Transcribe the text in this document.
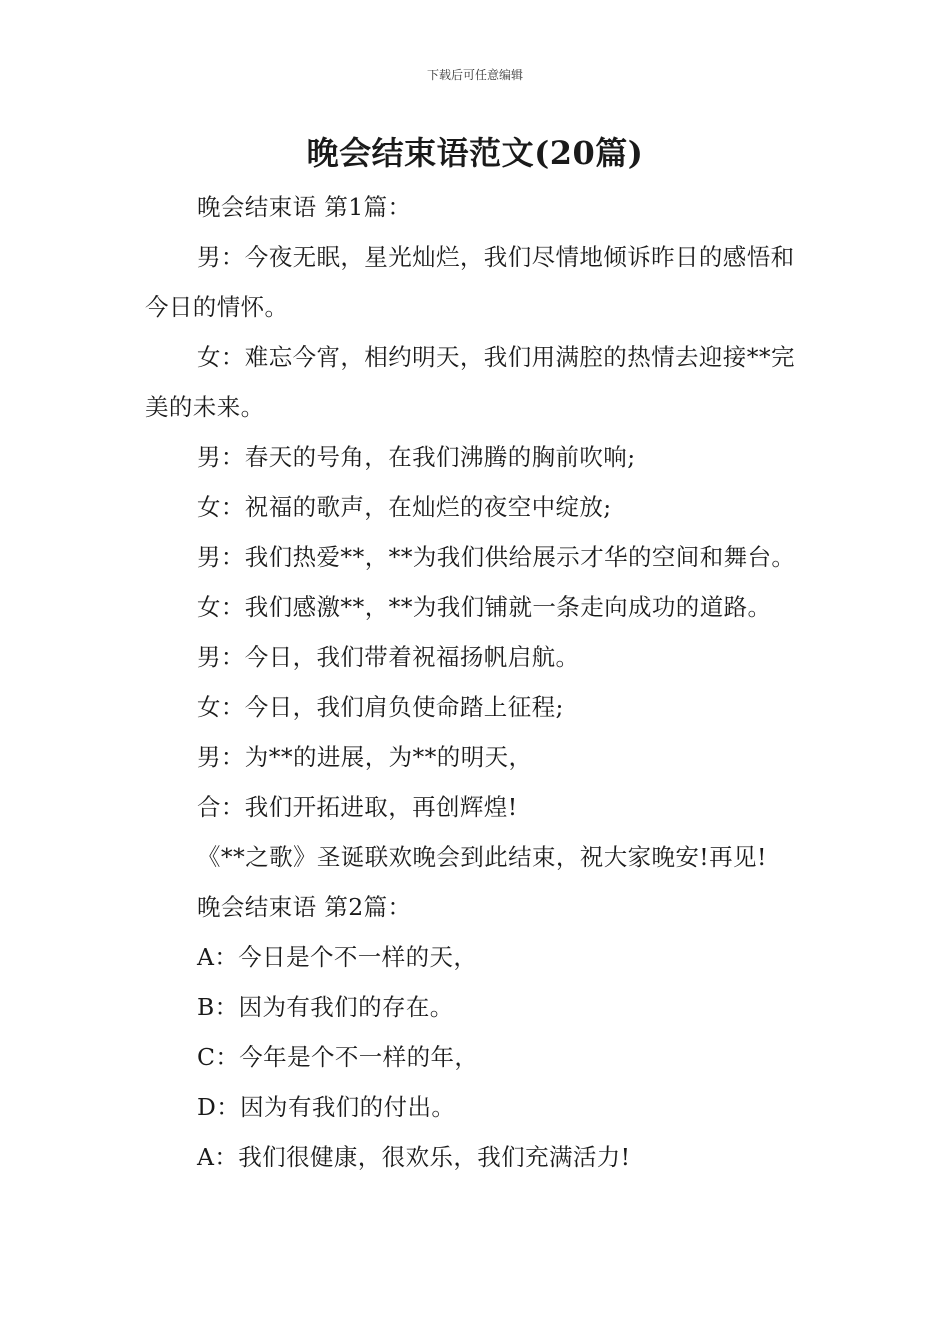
下载后可任意编辑
晚会结束语范文(20篇)

晚会结束语 第1篇：

男：今夜无眠，星光灿烂，我们尽情地倾诉昨日的感悟和今日的情怀。

女：难忘今宵，相约明天，我们用满腔的热情去迎接**完美的未来。

男：春天的号角，在我们沸腾的胸前吹响;

女：祝福的歌声，在灿烂的夜空中绽放;

男：我们热爱**，**为我们供给展示才华的空间和舞台。

女：我们感激**，**为我们铺就一条走向成功的道路。

男：今日，我们带着祝福扬帆启航。

女：今日，我们肩负使命踏上征程;

男：为**的进展，为**的明天，

合：我们开拓进取，再创辉煌!

《**之歌》圣诞联欢晚会到此结束，祝大家晚安!再见!

晚会结束语 第2篇：

A：今日是个不一样的天，

B：因为有我们的存在。

C：今年是个不一样的年，

D：因为有我们的付出。

A：我们很健康，很欢乐，我们充满活力!
